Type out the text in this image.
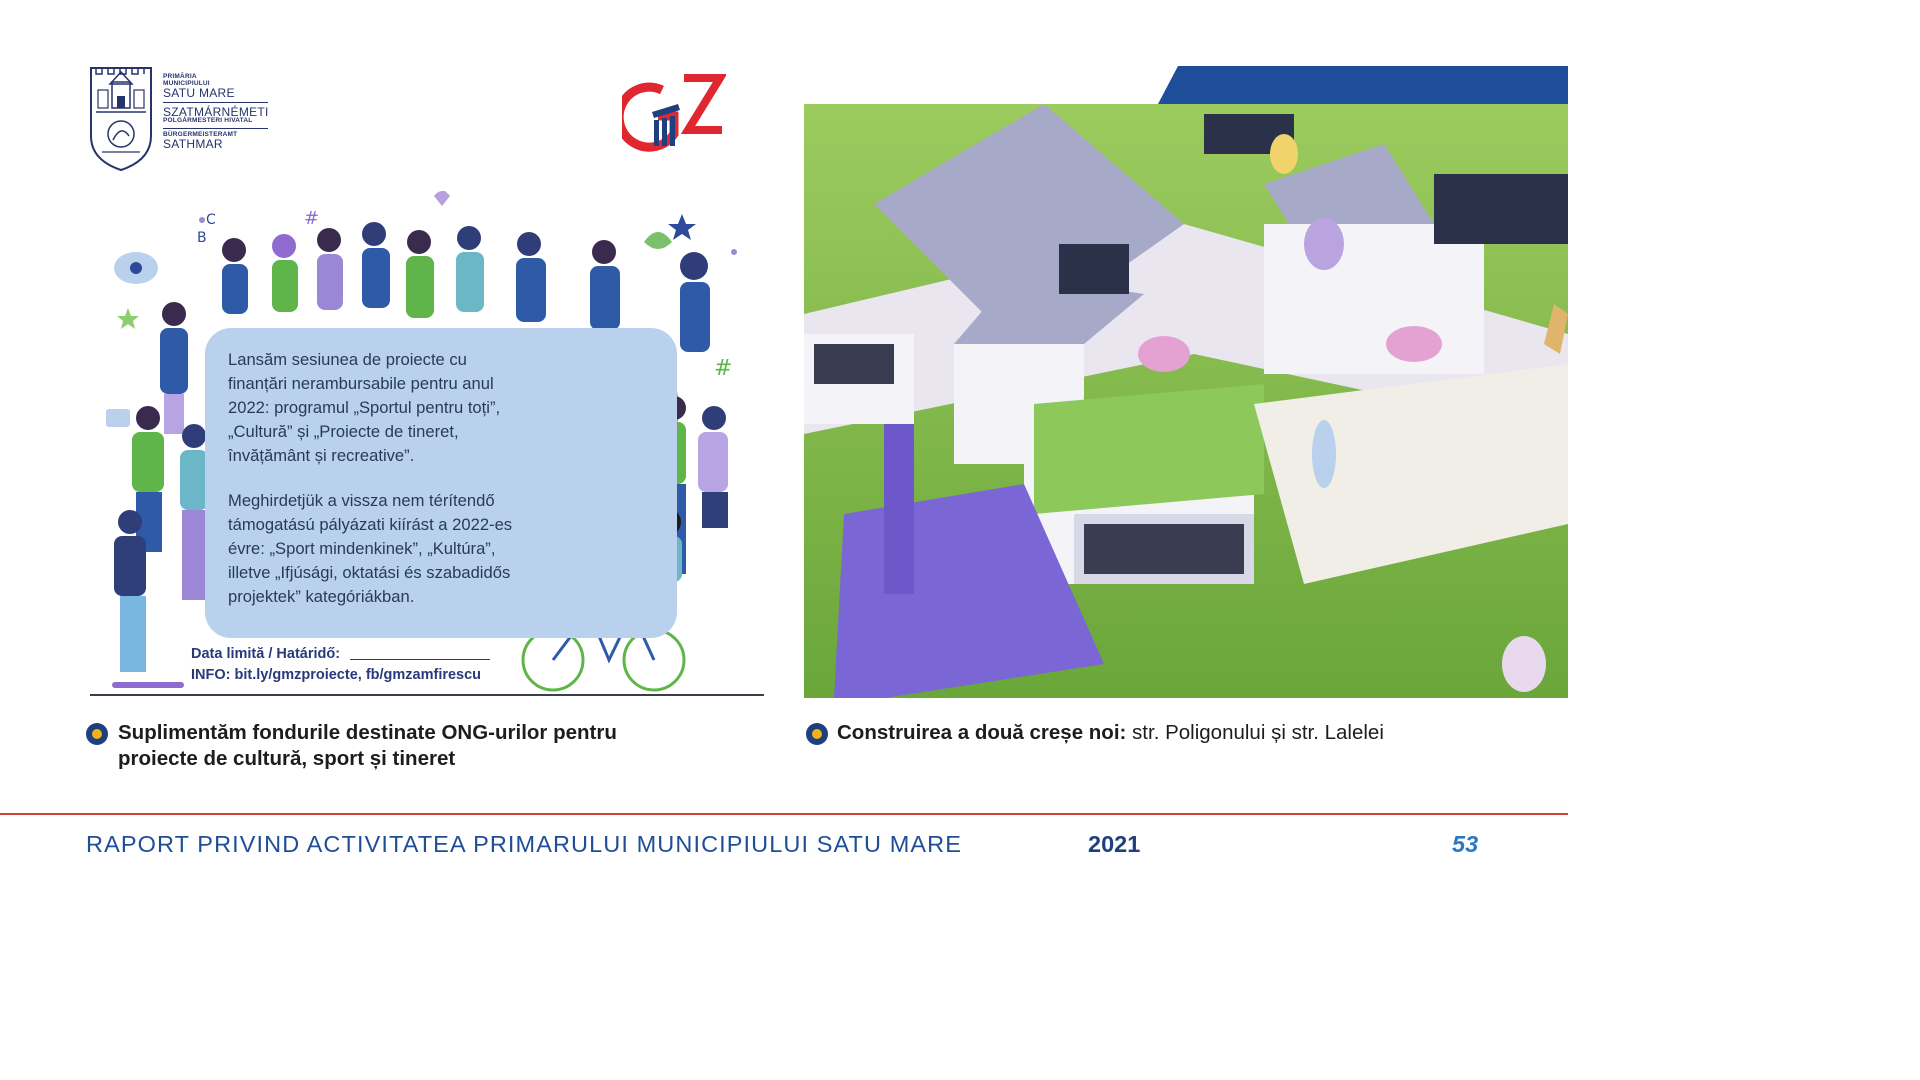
PRIMĂRIA
MUNICIPIULUI
SATU MARE
SZATMÁRNÉMETI
POLGÁRMESTERI HIVATAL
BÜRGERMEISTERAMT
SATHMAR
B
C	#
#

Lansăm sesiunea de proiecte cu
finanțări nerambursabile pentru anul
2022: programul „Sportul pentru toți”,
„Cultură” și „Proiecte de tineret,
învățământ și recreative”.

Meghirdetjük a vissza nem térítendő
támogatású pályázati kiírást a 2022-es
évre: „Sport mindenkinek”, „Kultúra”,
illetve „Ifjúsági, oktatási és szabadidős
projektek” kategóriákban.

Data limită / Határidő:
INFO: bit.ly/gmzproiecte, fb/gmzamfirescu
Suplimentăm fondurile destinate ONG-urilor pentru proiecte de cultură, sport și tineret
Construirea a două creșe noi: str. Poligonului și str. Lalelei
RAPORT PRIVIND ACTIVITATEA PRIMARULUI MUNICIPIULUI SATU MARE	2021	53
